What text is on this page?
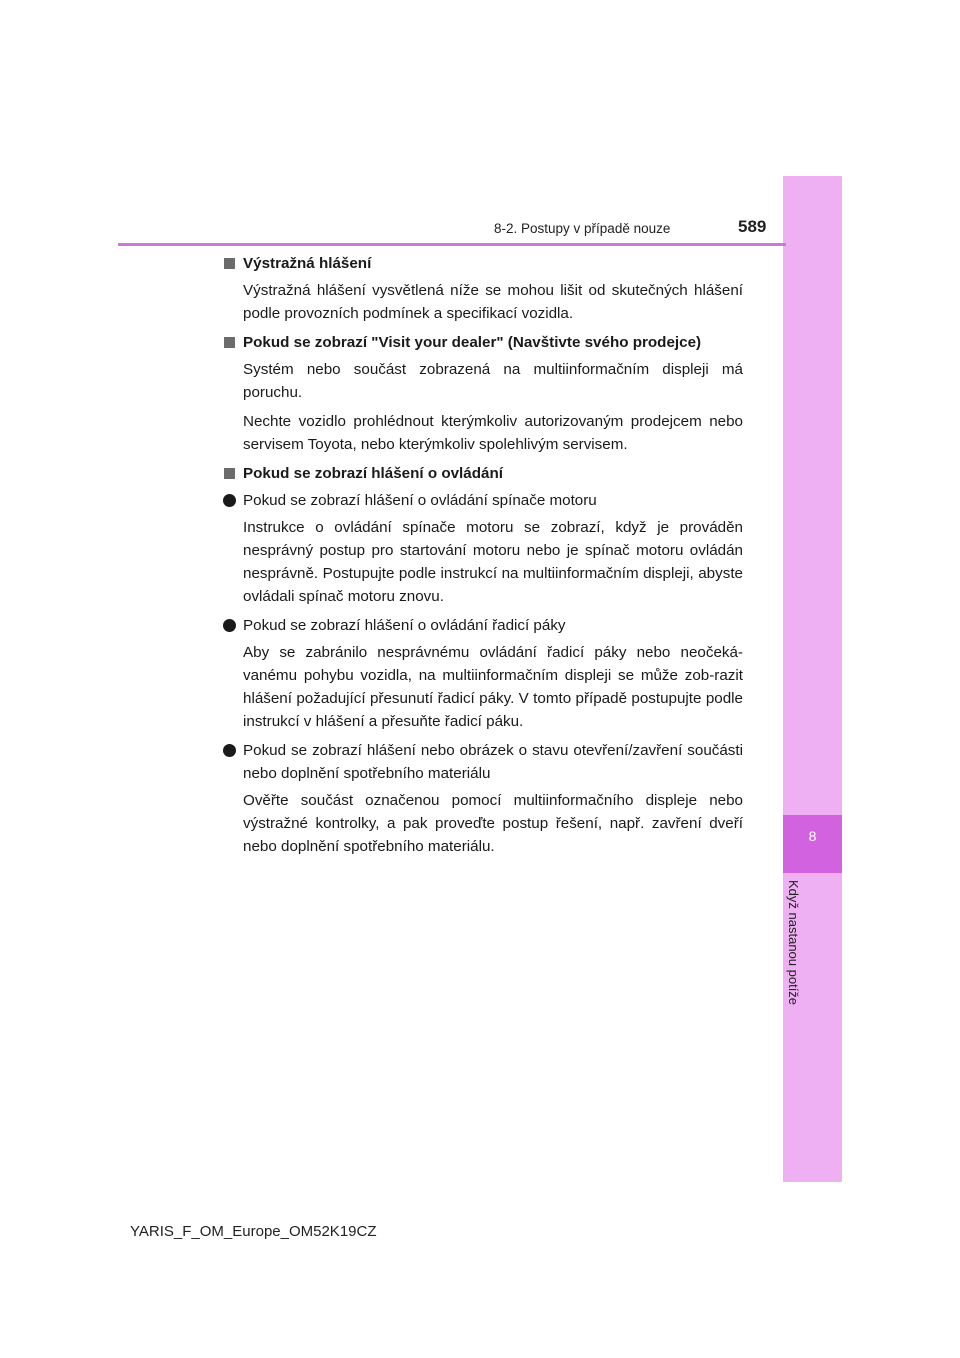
8
Když nastanou potíže
8-2. Postupy v případě nouze	589
Výstražná hlášení

Výstražná hlášení vysvětlená níže se mohou lišit od skutečných hlášení podle provozních podmínek a specifikací vozidla.

Pokud se zobrazí "Visit your dealer" (Navštivte svého prodejce)

Systém nebo součást zobrazená na multiinformačním displeji má poruchu.

Nechte vozidlo prohlédnout kterýmkoliv autorizovaným prodejcem nebo servisem Toyota, nebo kterýmkoliv spolehlivým servisem.

Pokud se zobrazí hlášení o ovládání
Pokud se zobrazí hlášení o ovládání spínače motoru

Instrukce o ovládání spínače motoru se zobrazí, když je prováděn nesprávný postup pro startování motoru nebo je spínač motoru ovládán nesprávně. Postupujte podle instrukcí na multiinformačním displeji, abyste ovládali spínač motoru znovu.

Pokud se zobrazí hlášení o ovládání řadicí páky

Aby se zabránilo nesprávnému ovládání řadicí páky nebo neočeká-vanému pohybu vozidla, na multiinformačním displeji se může zob-razit hlášení požadující přesunutí řadicí páky. V tomto případě postupujte podle instrukcí v hlášení a přesuňte řadicí páku.

Pokud se zobrazí hlášení nebo obrázek o stavu otevření/zavření součásti nebo doplnění spotřebního materiálu

Ověřte součást označenou pomocí multiinformačního displeje nebo výstražné kontrolky, a pak proveďte postup řešení, např. zavření dveří nebo doplnění spotřebního materiálu.

YARIS_F_OM_Europe_OM52K19CZ
